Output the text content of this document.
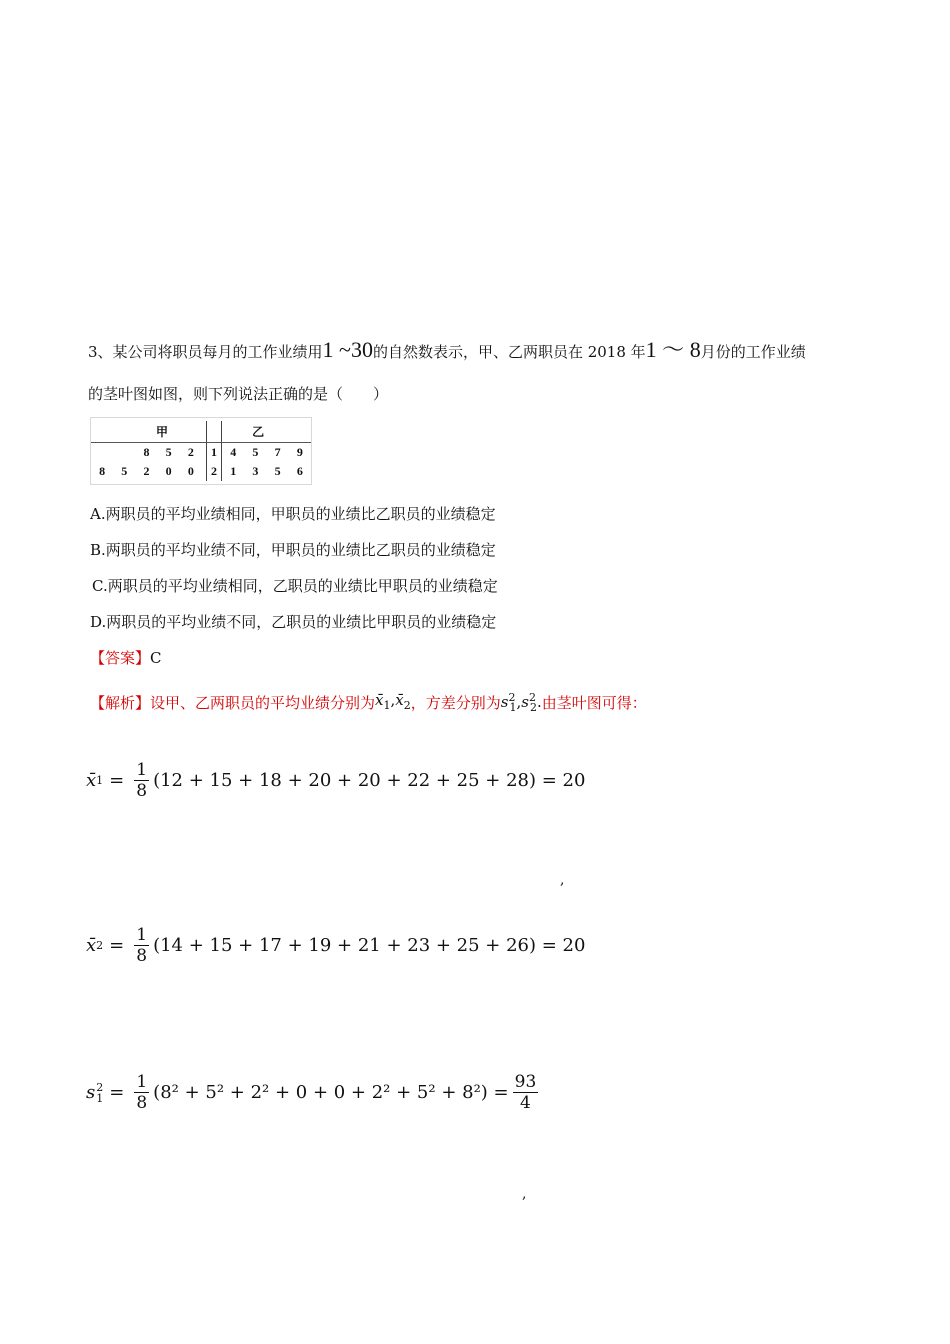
3、某公司将职员每月的工作业绩用1 ~30的自然数表示，甲、乙两职员在 2018 年1 ～ 8月份的工作业绩
的茎叶图如图，则下列说法正确的是（　　）
甲							乙			
		8	5	2		1	4	5	7	9
8	5	2	0	0		2	1	3	5	6
A.两职员的平均业绩相同，甲职员的业绩比乙职员的业绩稳定
B.两职员的平均业绩不同，甲职员的业绩比乙职员的业绩稳定
C.两职员的平均业绩相同，乙职员的业绩比甲职员的业绩稳定
D.两职员的平均业绩不同，乙职员的业绩比甲职员的业绩稳定
【答案】C
【解析】 设甲、乙两职员的平均业绩分别为 $x̄_1,x̄_2$ ，方差分别为 $s^2_1,s^2_2$. 由茎叶图可得：
x̄ $1 = \frac{1}{8} (12 + 15 + 18 + 20 + 20 + 22 + 25 + 28) = 20$
,
x̄ $2 = \frac{1}{8} (14 + 15 + 17 + 19 + 21 + 23 + 25 + 26) = 20$
s 2
$1 = \frac{1}{8} (8^2 + 5^2 + 2^2 + 0 + 0 + 2^2 + 5^2 + 8^2) = \frac{93}{4}$
,
